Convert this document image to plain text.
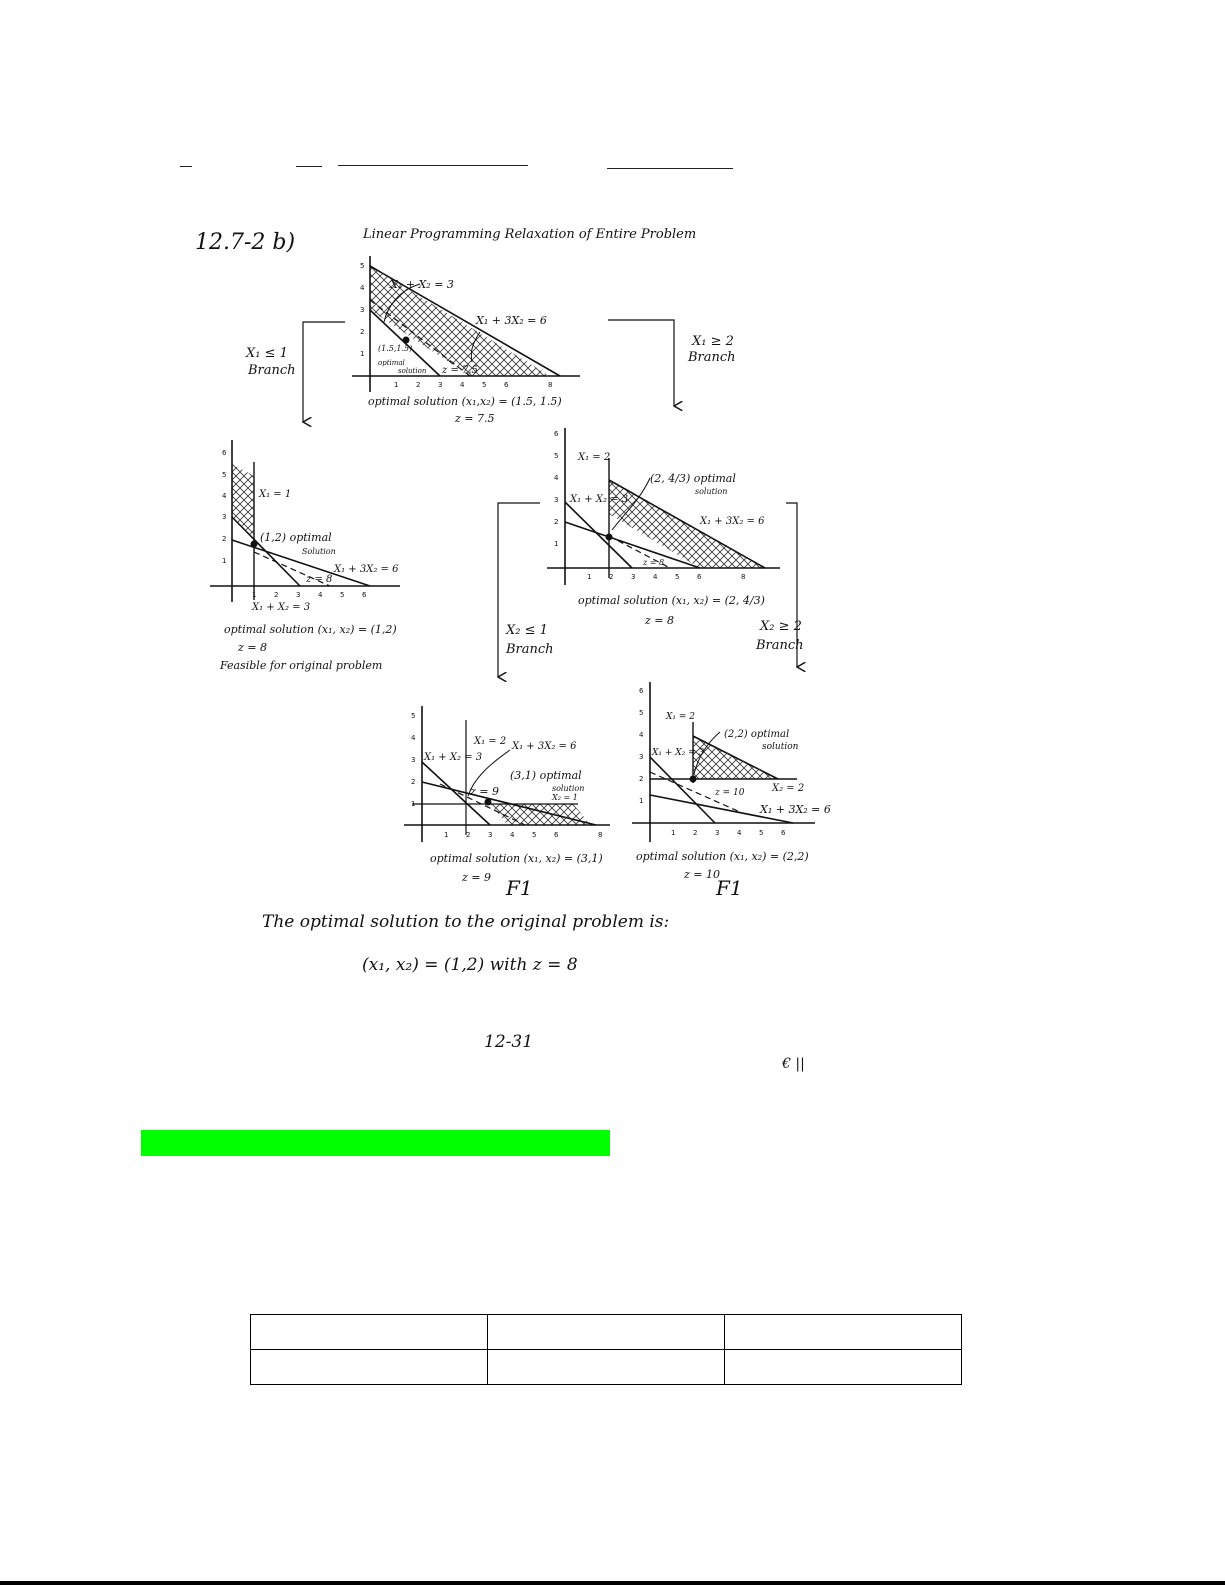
12.7-2 b)	Linear Programming Relaxation of Entire Problem
5
4
3
2
1
1	2	3	4	5	6	8
X₁ + X₂ = 3
X₁ + 3X₂ = 6
(1.5,1.5)
optimal
solution z = 7.5
optimal solution (x₁,x₂) = (1.5, 1.5)
z = 7.5
X₁ ≤ 1
Branch
X₁ ≥ 2
Branch
X₂ ≤ 1
Branch
X₂ ≥ 2
Branch
6
5
4
3
2
1
1	2	3	4	5	6
X₁ = 1
(1,2) optimal
Solution
X₁ + 3X₂ = 6
z = 8
X₁ + X₂ = 3
optimal solution (x₁, x₂) = (1,2)
z = 8
Feasible for original problem
6
5
4
3
2
1
1	2	3	4	5	6	8
X₁ = 2
(2, 4/3) optimal
solution
X₁ + X₂ = 3
X₁ + 3X₂ = 6
z = 8
optimal solution (x₁, x₂) = (2, 4/3)
z = 8
5
4
3
2
1
1	2	3	4	5	6	8
X₁ + X₂ = 3
X₁ = 2 X₁ + 3X₂ = 6
(3,1) optimal
solution
z = 9	X₂ = 1
optimal solution (x₁, x₂) = (3,1)
z = 9 F1
6
5
4
3
2
1
1	2	3	4	5	6
X₁ = 2
(2,2) optimal
solution
X₁ + X₂ = 3
X₂ = 2
z = 10
X₁ + 3X₂ = 6
optimal solution (x₁, x₂) = (2,2)
z = 10
F1
The optimal solution to the original problem is:
(x₁, x₂) = (1,2) with z = 8
12-31
€ ||
